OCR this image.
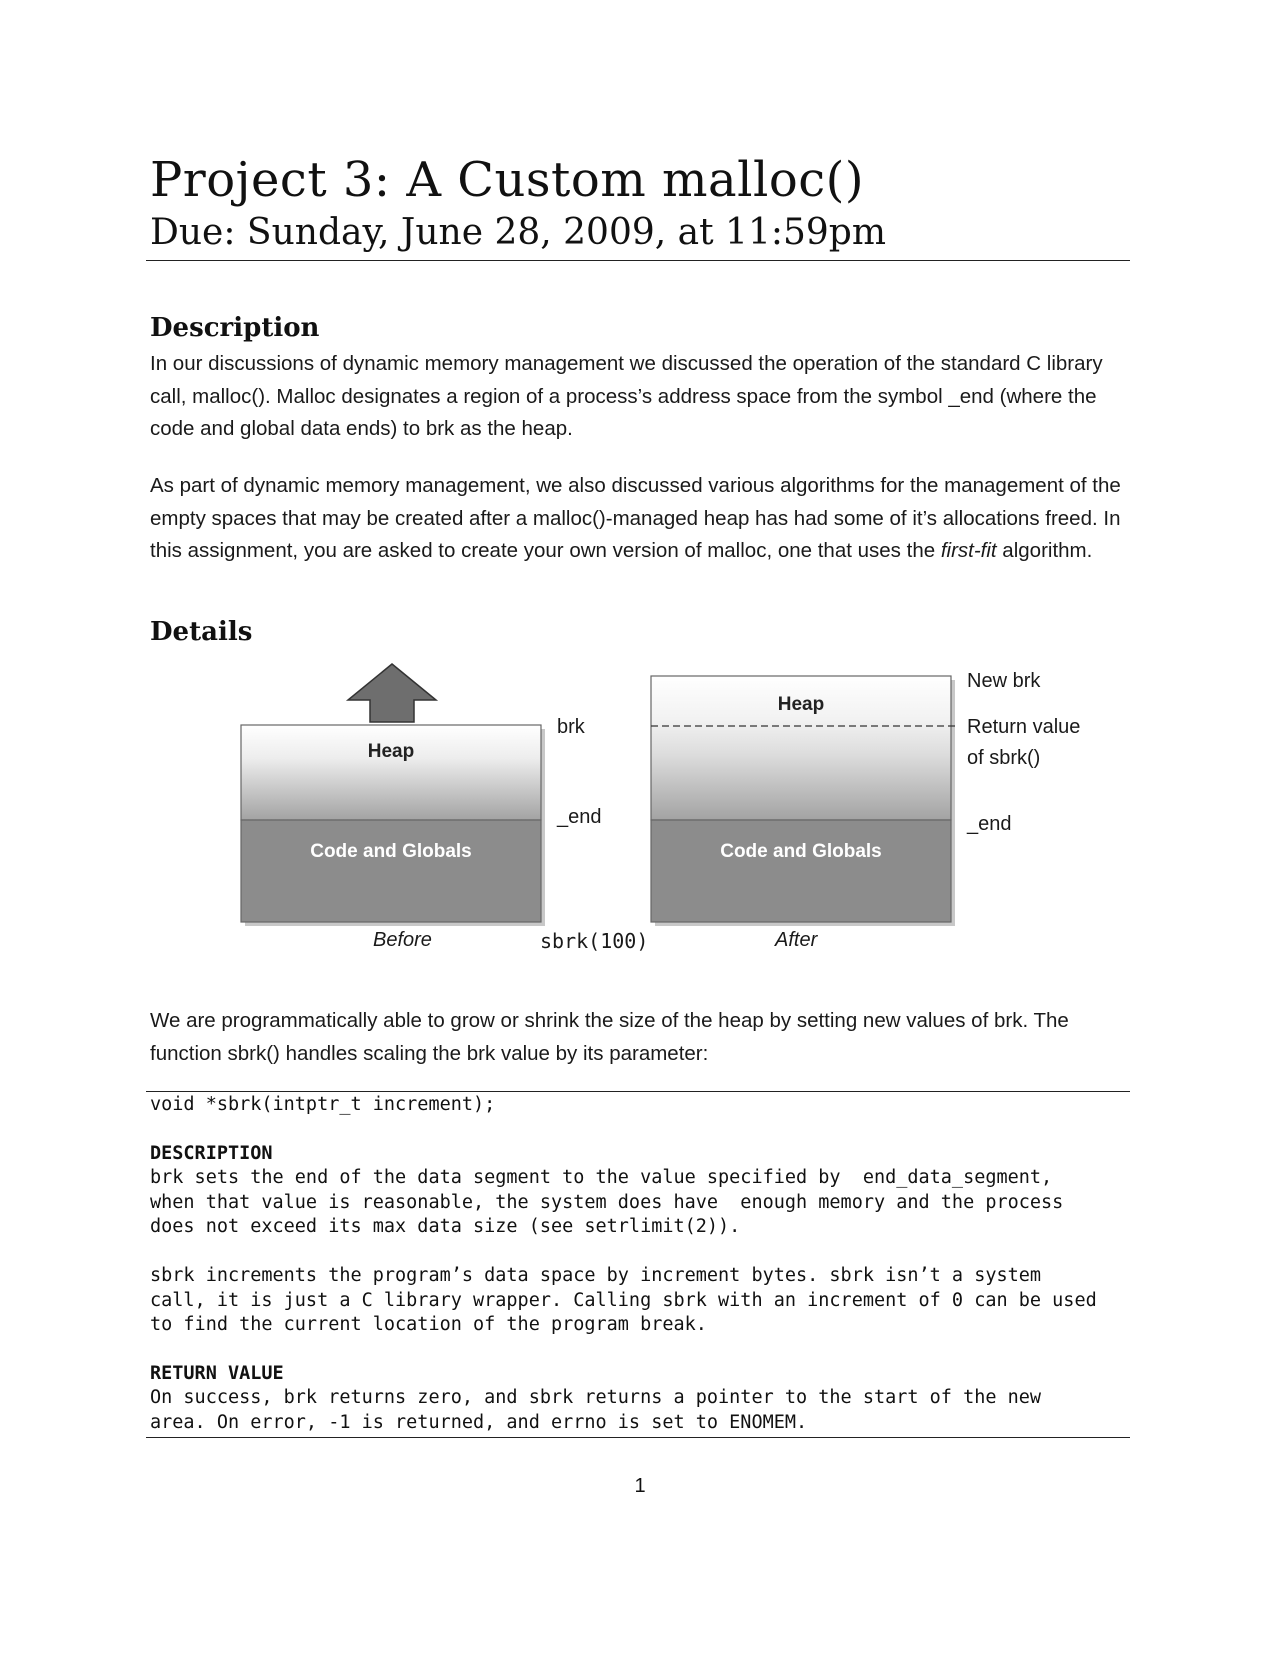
Project 3: A Custom malloc()
Due: Sunday, June 28, 2009, at 11:59pm
Description

In our discussions of dynamic memory management we discussed the operation of the standard C library call, malloc(). Malloc designates a region of a process’s address space from the symbol _end (where the code and global data ends) to brk as the heap.

As part of dynamic memory management, we also discussed various algorithms for the management of the empty spaces that may be created after a malloc()-managed heap has had some of it’s allocations freed. In this assignment, you are asked to create your own version of malloc, one that uses the first-fit algorithm.

Details
Heap
Code and Globals
Heap
Code and Globals
brk
_end
New brk
Return value
of sbrk()
_end
Before	sbrk(100)	After

We are programmatically able to grow or shrink the size of the heap by setting new values of brk. The function sbrk() handles scaling the brk value by its parameter:

void *sbrk(intptr_t increment);
DESCRIPTION
brk sets the end of the data segment to the value specified by  end_data_segment,
when that value is reasonable, the system does have  enough memory and the process
does not exceed its max data size (see setrlimit(2)).
sbrk increments the program’s data space by increment bytes. sbrk isn’t a system
call, it is just a C library wrapper. Calling sbrk with an increment of 0 can be used
to find the current location of the program break.
RETURN VALUE
On success, brk returns zero, and sbrk returns a pointer to the start of the new
area. On error, -1 is returned, and errno is set to ENOMEM.
1
